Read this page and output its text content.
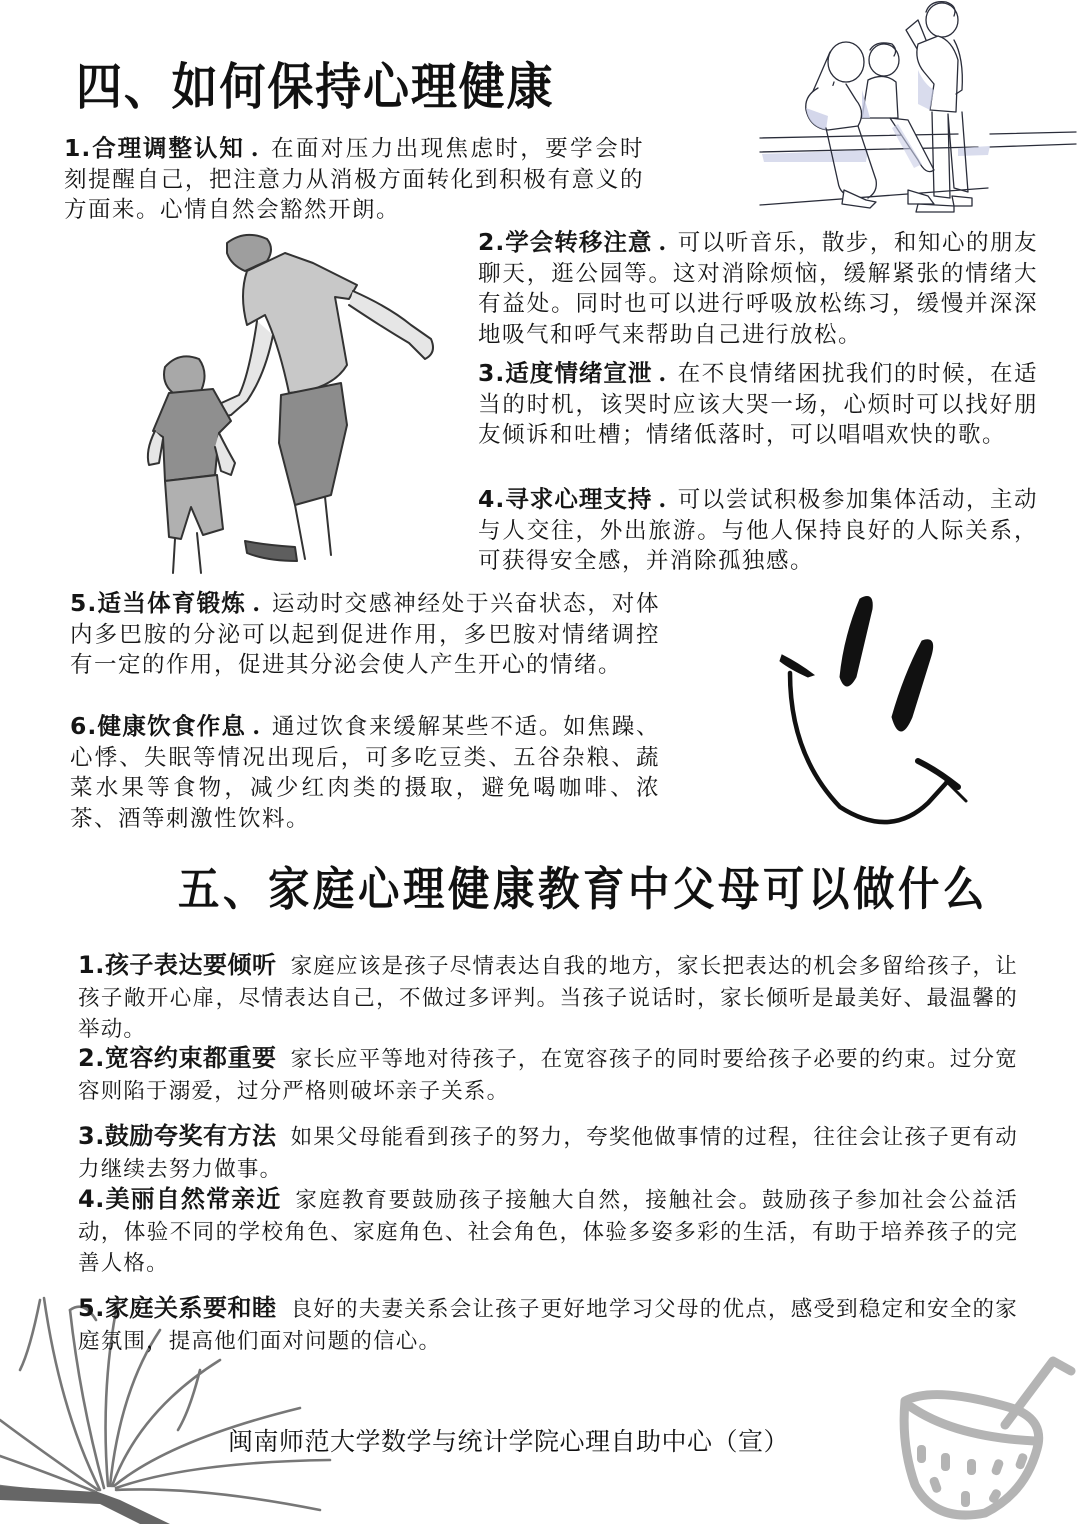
四、如何保持心理健康
1.合理调整认知 . 在面对压力出现焦虑时，要学会时刻提醒自己，把注意力从消极方面转化到积极有意义的方面来。心情自然会豁然开朗。
2.学会转移注意 . 可以听音乐，散步，和知心的朋友聊天，逛公园等。这对消除烦恼，缓解紧张的情绪大有益处。同时也可以进行呼吸放松练习，缓慢并深深地吸气和呼气来帮助自己进行放松。
3.适度情绪宣泄 . 在不良情绪困扰我们的时候，在适当的时机，该哭时应该大哭一场，心烦时可以找好朋友倾诉和吐槽；情绪低落时，可以唱唱欢快的歌。
4.寻求心理支持 . 可以尝试积极参加集体活动，主动与人交往，外出旅游。与他人保持良好的人际关系，可获得安全感，并消除孤独感。
5.适当体育锻炼 . 运动时交感神经处于兴奋状态，对体内多巴胺的分泌可以起到促进作用，多巴胺对情绪调控有一定的作用，促进其分泌会使人产生开心的情绪。
6.健康饮食作息 . 通过饮食来缓解某些不适。如焦躁、心悸、失眠等情况出现后，可多吃豆类、五谷杂粮、蔬菜水果等食物，减少红肉类的摄取，避免喝咖啡、浓茶、酒等刺激性饮料。
五、家庭心理健康教育中父母可以做什么
1.孩子表达要倾听 家庭应该是孩子尽情表达自我的地方，家长把表达的机会多留给孩子，让孩子敞开心扉，尽情表达自己，不做过多评判。当孩子说话时，家长倾听是最美好、最温馨的举动。
2.宽容约束都重要 家长应平等地对待孩子，在宽容孩子的同时要给孩子必要的约束。过分宽容则陷于溺爱，过分严格则破坏亲子关系。
3.鼓励夸奖有方法 如果父母能看到孩子的努力，夸奖他做事情的过程，往往会让孩子更有动力继续去努力做事。
4.美丽自然常亲近 家庭教育要鼓励孩子接触大自然，接触社会。鼓励孩子参加社会公益活动，体验不同的学校角色、家庭角色、社会角色，体验多姿多彩的生活，有助于培养孩子的完善人格。
5.家庭关系要和睦 良好的夫妻关系会让孩子更好地学习父母的优点，感受到稳定和安全的家庭氛围，提高他们面对问题的信心。
闽南师范大学数学与统计学院心理自助中心（宣）
